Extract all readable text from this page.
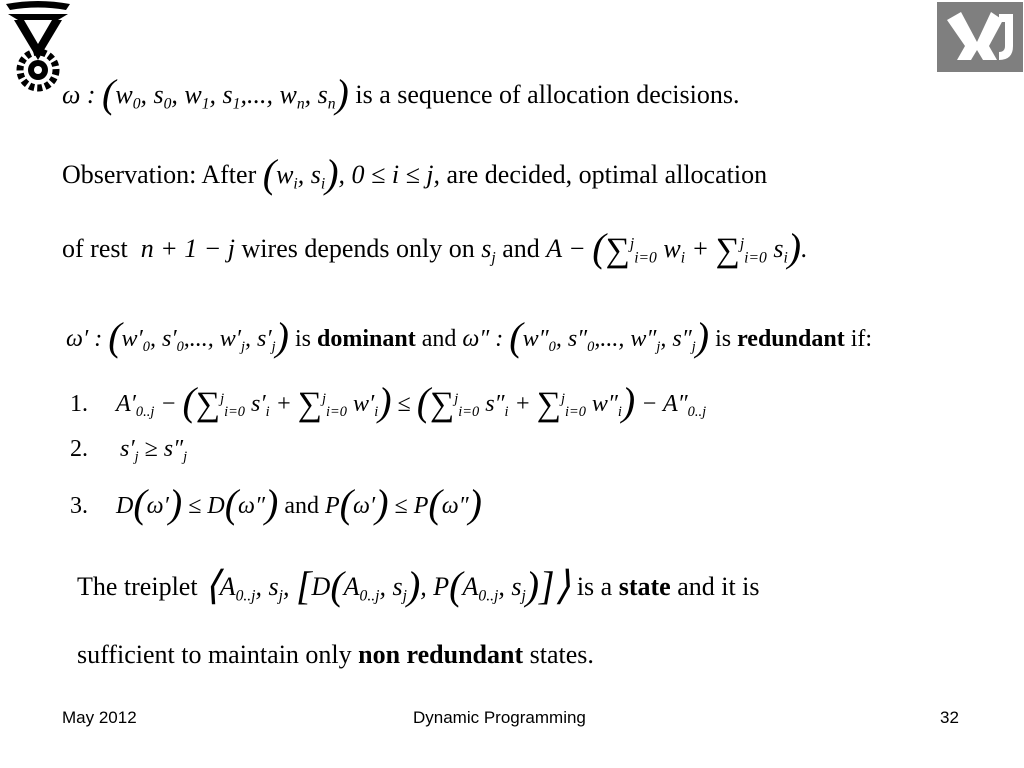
ω : ($w_0$, $s_0$, $w_1$, $s_1$,..., $w_n$, $s_n$) is a sequence of allocation decisions.
Observation: After ($w_i$, $s_i$), 0 ≤ i ≤ j, are decided, optimal allocation
of rest  n + 1 − j wires depends only on $s_j$ and A − (∑$^j_{i=0}$ $w_i + \sum^j_{i=0}$ $s_i$).
ω′ : ($w'_0$, $s'_0$,..., $w'_j$, $s'_j$) is dominant and ω″ : ($w''_0$, $s''_0$,..., $w''_j$, $s''_j$) is redundant if:
1. $A'_{0..j} - (\sum^j_{i=0}$ $s'_i + \sum^j_{i=0}$ $w'_i) \le (\sum^j_{i=0}$ $s''_i + \sum^j_{i=0}$ $w''_i) - A''_{0..j}$
2. $s'_j \ge s''_j$
3. D(ω′) ≤ D(ω″) and P(ω′) ≤ P(ω″)
The treiplet $⟨A_{0..j}$, $s_j$, [$D(A_{0..j}$, $s_j$), $P(A_{0..j}$, $s_j)]⟩$ is a state and it is
sufficient to maintain only non redundant states.
May 2012	Dynamic Programming	32
